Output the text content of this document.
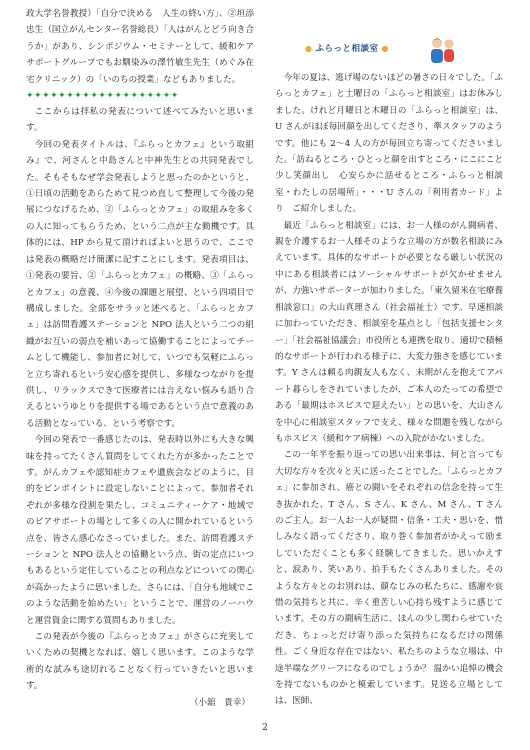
政大学名誉教授）「自分で決める　人生の終い方」、②垣添忠生（国立がんセンター名誉総長）「人はがんとどう向き合うか」があり、シンポジウム・セミナーとして、緩和ケアサポートグループでもお馴染みの澤竹敏生先生（めぐみ在宅クリニック）の「いのちの授業」などもありました。

✦✦✦✦✦✦✦✦✦✦✦✦✦✦✦✦✦✦✦

ここからは拝私の発表について述べてみたいと思います。

今回の発表タイトルは、『ふらっとカフェ』という取組み』で、河さんと中島さんと中神先生との共同発表でした。そもそもなぜ学会発表しようと思ったのかというと、①日頃の活動をあらためて見つめ直して整理して今後の発展につなげるため、②「ふらっとカフェ」の取組みを多くの人に知ってもらうため、という二点が主な動機です。具体的には、HP から見て頂ければよいと思うので、ここでは発表の概略だけ簡潔に記すことにします。発表項目は、①発表の要旨、②「ふらっとカフェ」の概略、③「ふらっとカフェ」の意義、④今後の課題と展望、という四項目で構成しました。全部をサラッと述べると、「ふらっとカフェ」は訪問看護ステーションと NPO 法人という二つの組織がお互いの弱点を補いあって協働することによってチームとして機能し、参加者に対して、いつでも気軽にふらっと立ち寄れるという安心感を提供し、多様なつながりを提供し、リラックスできて医療者には言えない悩みも語り合えるというゆとりを提供する場であるという点で意義のある活動となっている、という考察です。

今回の発表で一番感じたのは、発表時以外にも大きな興味を持ってたくさん質問をしてくれた方が多かったことです。がんカフェや認知症カフェや遺族会などのように、目的をピンポイントに設定しないことによって、参加者それぞれが多様な役割を果たし、コミュニティーケア・地域でのピアサポートの場として多くの人に開かれているという点を、皆さん感心なさっていました。また、訪問看護ステーションと NPO 法人との協働という点、街の定点にいつもあるという定住していることの利点などについての関心が高かったように思いました。さらには、「自分も地域でこのような活動を始めたい」ということで、運営のノーハウと運営資金に関する質問もありました。

この発表が今後の『ふらっとカフェ』がさらに充実していくための契機となれば、嬉しく思います。このような学術的な試みも途切れることなく行っていきたいと思います。

（小舘　貴幸）

● ふらっと相談室 ●

今年の夏は、逃げ場のないほどの暑さの日々でした。「ふらっとカフェ」と土曜日の「ふらっと相談室」はお休みしました。けれど月曜日と木曜日の「ふらっと相談室」は、U さんがほぼ毎回顔を出してくださり、準スタッフのようです。他にも 2～4 人の方が毎回立ち寄ってくださいました。「訪ねるところ・ひとっと顔を出すところ・にこにこと少し笑顔出し　心安らかに話せるところ・ふらっと相談室・わたしの居場所」・・・U さんの「利用者カード」より　ご紹介しました。

最近「ふらっと相談室」には、お一人様のがん闘病者、親を介護するお一人様そのような立場の方が数名相談にみえています。具体的なサポートが必要となる厳しい状況の中にある相談者にはソーシャルサポートが欠かせませんが、力強いサポーターが加わりました。「東久留米在宅療養相談窓口」の大山真理さん（社会福祉士）です。早速相談に加わっていただき、相談室を基点とし「包括支援センター」「社会福祉協議会」市役所とも連携を取り、適切で積極的なサポートが行われる様子に、大変力強さを感じています。Y さんは頼る肉親友人もなく、末期がんを抱えてアパート暮らしをされていましたが、ご本人のたっての希望である「最期はホスピスで迎えたい」との思いを、大山さんを中心に相談室スタッフで支え、様々な問題を残しながらもホスピス（緩和ケア病棟）への入院がかないました。

この一年半を振り返っての思い出来事は、何と言っても大切な方々を次々と天に送ったことでした。「ふらっとカフェ」に参加され、癌との闘いをそれぞれの信念を持って生き抜かれた、T さん、S さん、K さん、M さん、T さんのご主人。お一人お一人が疑問・信条・工夫・思いを、惜しみなく語ってくださり、取り巻く参加者がかえって励ましていただくことも多く経験してきました。思いかえすと、涙あり、笑いあり、拍手もたくさんありました。そのような方々とのお別れは、顔なじみの私たちに、感謝や哀惜の気持ちと共に、辛く重苦しい心持ち残すように感じています。その方の闘病生活に、ほんの少し関わらせていただき、ちょっとだけ寄り添った気持ちになるだけの関係性。ごく身近な存在ではない、私たちのような立場は、中途半端なグリーフになるのでしょうか？ 温かい追悼の機会を持てないものかと模索しています。見送る立場としては、医師、

2
